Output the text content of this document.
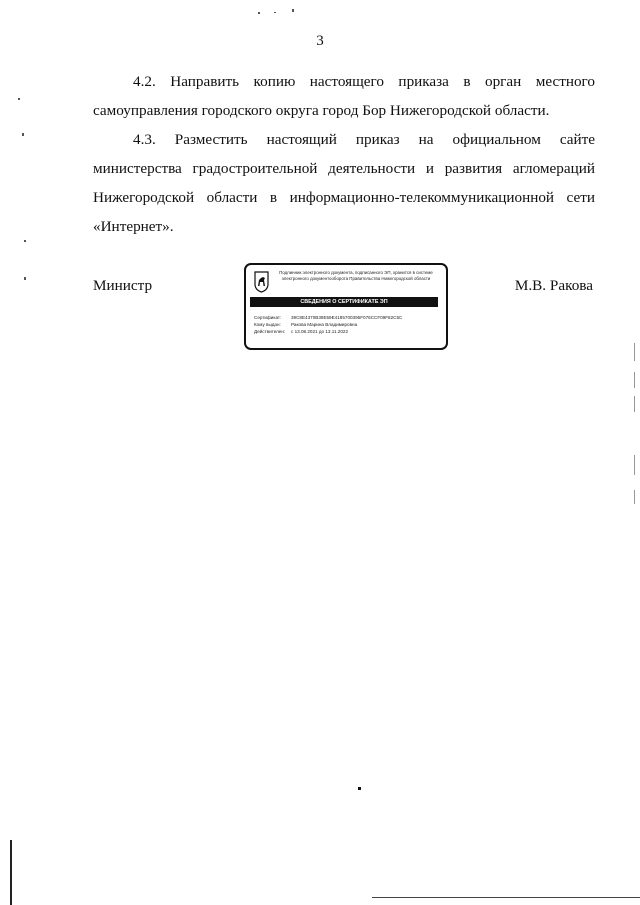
3

4.2. Направить копию настоящего приказа в орган местного самоуправления городского округа город Бор Нижегородской области.

4.3. Разместить настоящий приказ на официальном сайте министерства градостроительной деятельности и развития агломераций Нижегородской области в информационно-телекоммуникационной сети «Интернет».

Министр
Подлинник электронного документа, подписанного ЭП, хранится в системе электронного документооборота Правительства Нижегородской области
СВЕДЕНИЯ О СЕРТИФИКАТЕ ЭП
Сертификат: 39C8E4370B39E59E4185700395F076CCF09F82C5C
Кому выдан: Ракова Марина Владимировна
Действителен: с 13.08.2021 до 13.11.2022
М.В. Ракова
